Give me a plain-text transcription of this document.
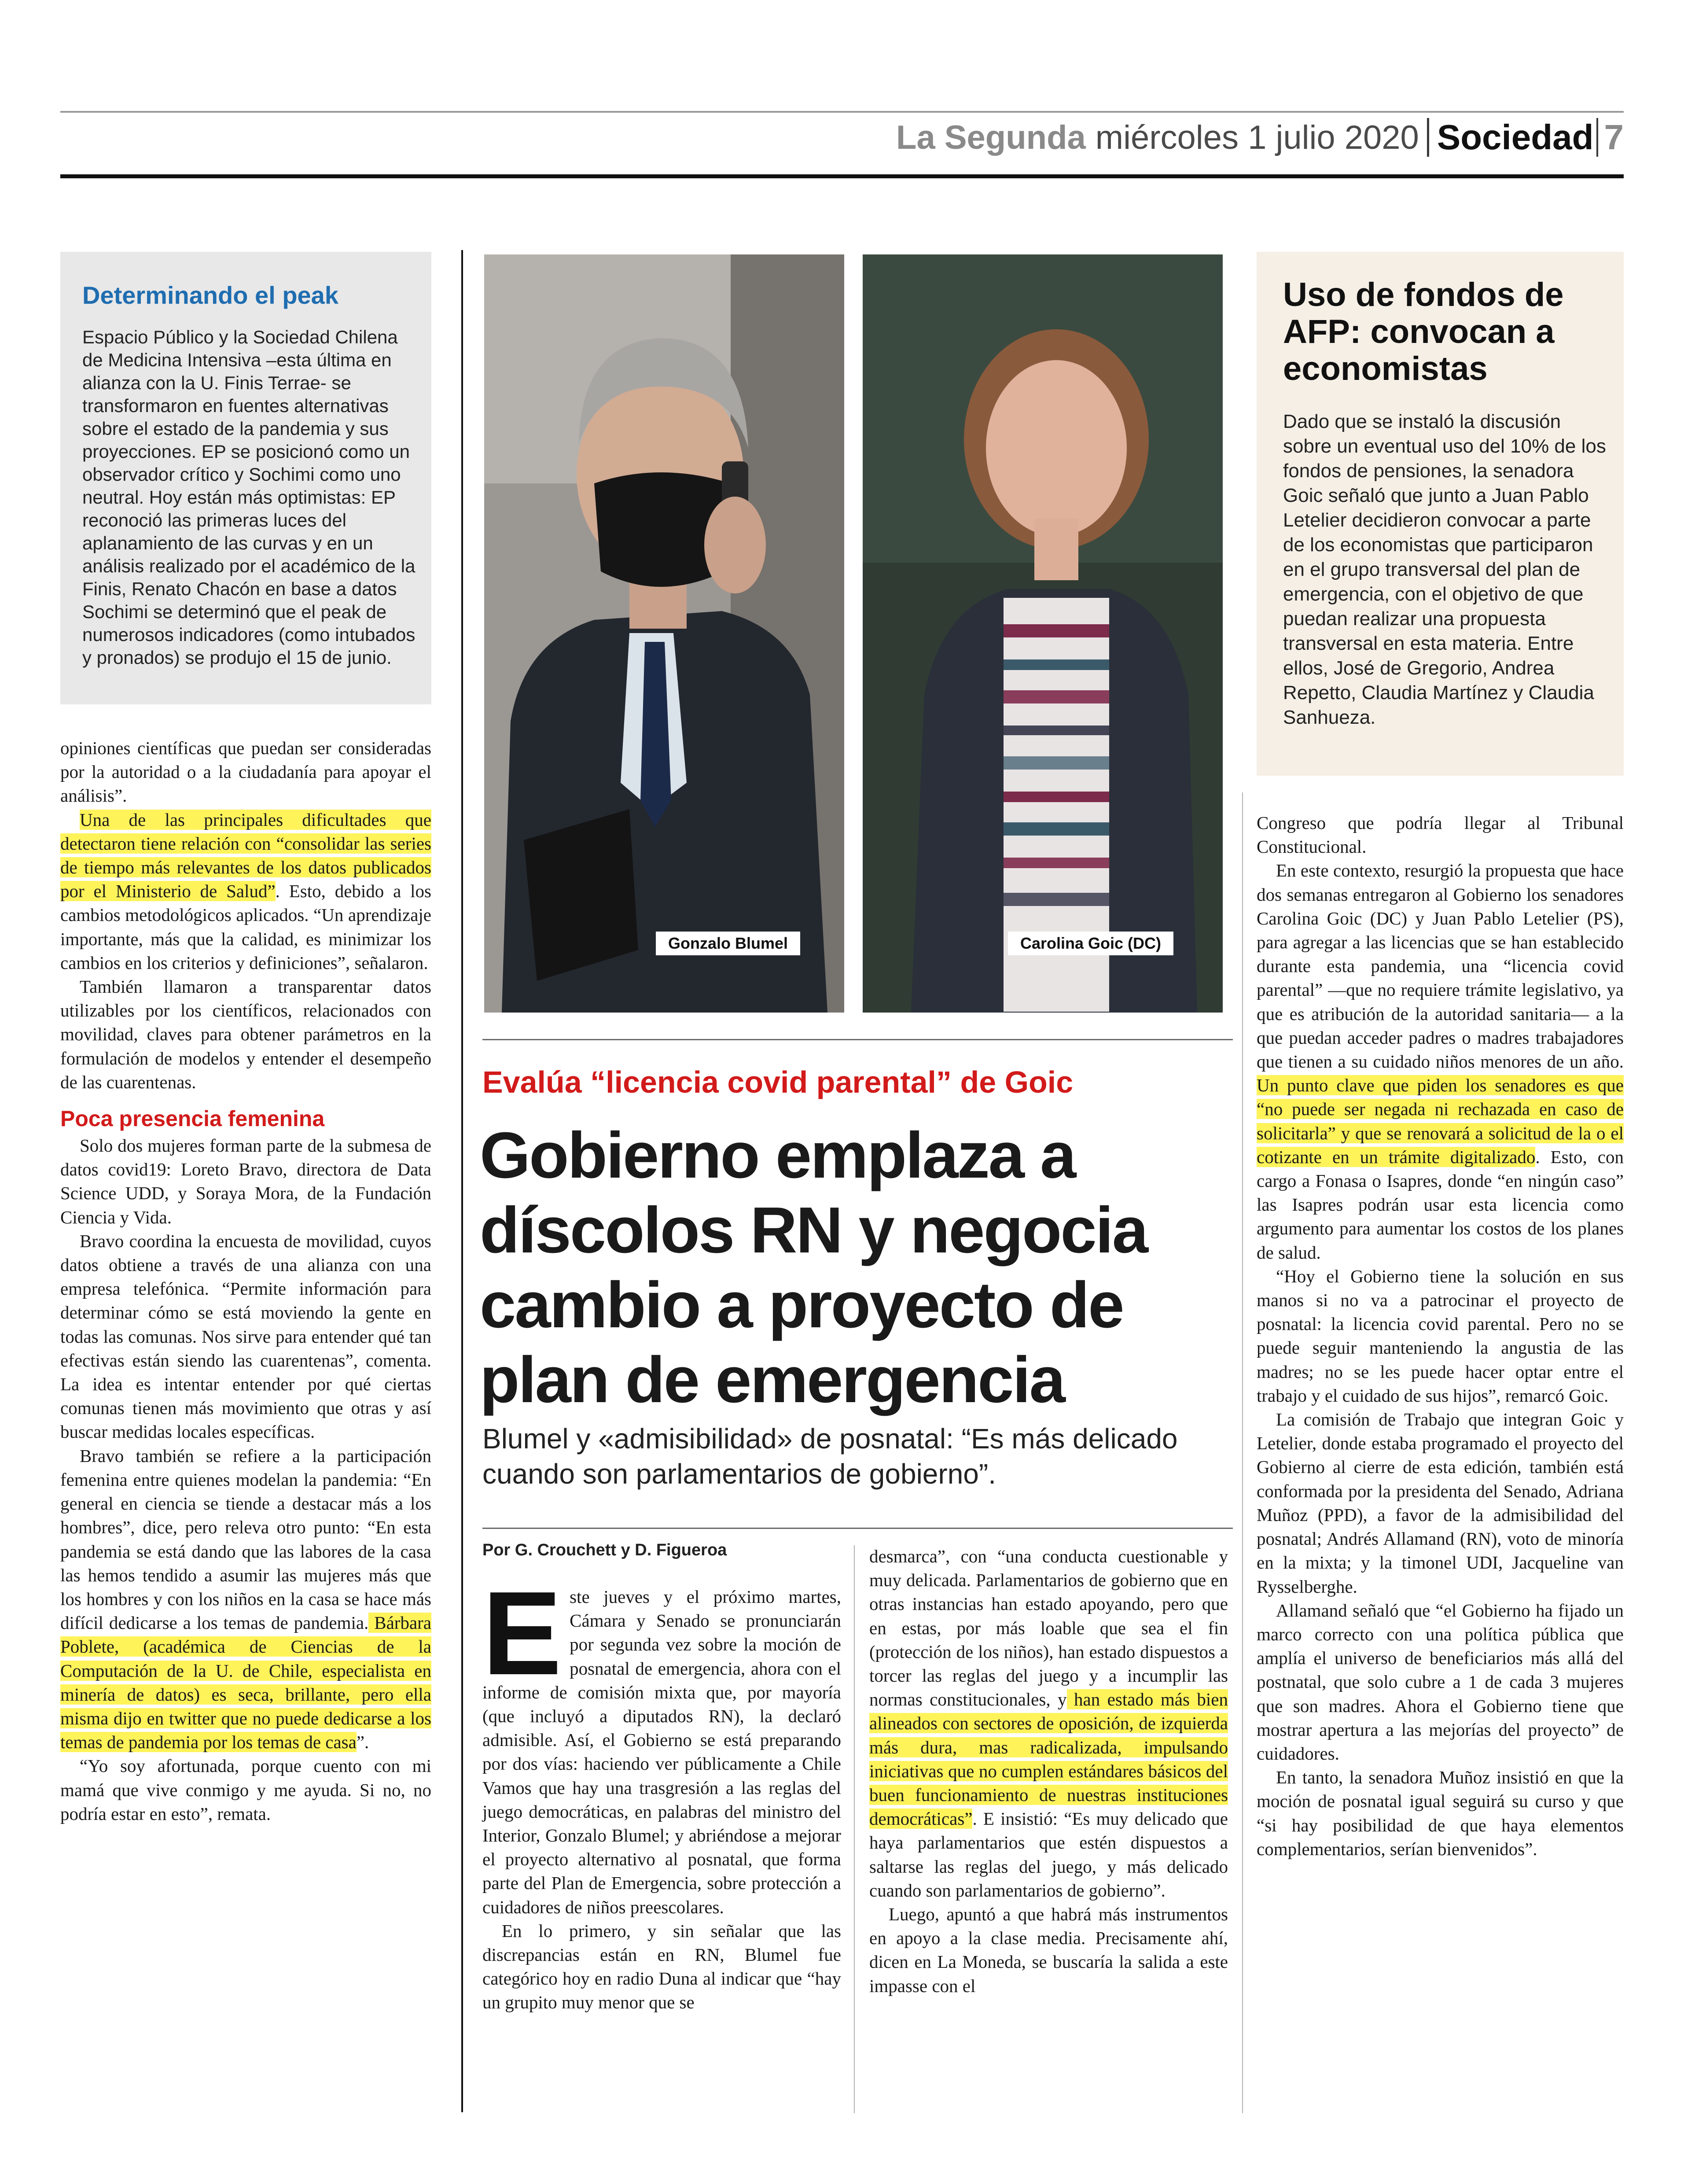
La Segunda miércoles 1 julio 2020 Sociedad 7
Determinando el peak
Espacio Público y la Sociedad Chilena de Medicina Intensiva –esta última en alianza con la U. Finis Terrae- se transformaron en fuentes alternativas sobre el estado de la pandemia y sus proyecciones. EP se posicionó como un observador crítico y Sochimi como uno neutral. Hoy están más optimistas: EP reconoció las primeras luces del aplanamiento de las curvas y en un análisis realizado por el académico de la Finis, Renato Chacón en base a datos Sochimi se determinó que el peak de numerosos indicadores (como intubados y pronados) se produjo el 15 de junio.
Uso de fondos de AFP: convocan a economistas
Dado que se instaló la discusión sobre un eventual uso del 10% de los fondos de pensiones, la senadora Goic señaló que junto a Juan Pablo Letelier decidieron convocar a parte de los economistas que participaron en el grupo transversal del plan de emergencia, con el objetivo de que puedan realizar una propuesta transversal en esta materia. Entre ellos, José de Gregorio, Andrea Repetto, Claudia Martínez y Claudia Sanhueza.
Gonzalo Blumel	Carolina Goic (DC)
Evalúa “licencia covid parental” de Goic
Gobierno emplaza a díscolos RN y negocia cambio a proyecto de plan de emergencia
Blumel y «admisibilidad» de posnatal: “Es más delicado cuando son parlamentarios de gobierno”.
Por G. Crouchett y D. Figueroa

opiniones científicas que puedan ser consideradas por la autoridad o a la ciudadanía para apoyar el análisis”.

Una de las principales dificultades que detectaron tiene relación con “consolidar las series de tiempo más relevantes de los datos publicados por el Ministerio de Salud”. Esto, debido a los cambios metodológicos aplicados. “Un aprendizaje importante, más que la calidad, es minimizar los cambios en los criterios y definiciones”, señalaron.

También llamaron a transparentar datos utilizables por los científicos, relacionados con movilidad, claves para obtener parámetros en la formulación de modelos y entender el desempeño de las cuarentenas.

Poca presencia femenina

Solo dos mujeres forman parte de la submesa de datos covid19: Loreto Bravo, directora de Data Science UDD, y Soraya Mora, de la Fundación Ciencia y Vida.

Bravo coordina la encuesta de movilidad, cuyos datos obtiene a través de una alianza con una empresa telefónica. “Permite información para determinar cómo se está moviendo la gente en todas las comunas. Nos sirve para entender qué tan efectivas están siendo las cuarentenas”, comenta. La idea es intentar entender por qué ciertas comunas tienen más movimiento que otras y así buscar medidas locales específicas.

Bravo también se refiere a la participación femenina entre quienes modelan la pandemia: “En general en ciencia se tiende a destacar más a los hombres”, dice, pero releva otro punto: “En esta pandemia se está dando que las labores de la casa las hemos tendido a asumir las mujeres más que los hombres y con los niños en la casa se hace más difícil dedicarse a los temas de pandemia. Bárbara Poblete, (académica de Ciencias de la Computación de la U. de Chile, especialista en minería de datos) es seca, brillante, pero ella misma dijo en twitter que no puede dedicarse a los temas de pandemia por los temas de casa”.

“Yo soy afortunada, porque cuento con mi mamá que vive conmigo y me ayuda. Si no, no podría estar en esto”, remata.

Este jueves y el próximo martes, Cámara y Senado se pronunciarán por segunda vez sobre la moción de posnatal de emergencia, ahora con el informe de comisión mixta que, por mayoría (que incluyó a diputados RN), la declaró admisible. Así, el Gobierno se está preparando por dos vías: haciendo ver públicamente a Chile Vamos que hay una trasgresión a las reglas del juego democráticas, en palabras del ministro del Interior, Gonzalo Blumel; y abriéndose a mejorar el proyecto alternativo al posnatal, que forma parte del Plan de Emergencia, sobre protección a cuidadores de niños preescolares.

En lo primero, y sin señalar que las discrepancias están en RN, Blumel fue categórico hoy en radio Duna al indicar que “hay un grupito muy menor que se

desmarca”, con “una conducta cuestionable y muy delicada. Parlamentarios de gobierno que en otras instancias han estado apoyando, pero que en estas, por más loable que sea el fin (protección de los niños), han estado dispuestos a torcer las reglas del juego y a incumplir las normas constitucionales, y han estado más bien alineados con sectores de oposición, de izquierda más dura, mas radicalizada, impulsando iniciativas que no cumplen estándares básicos del buen funcionamiento de nuestras instituciones democráticas”. E insistió: “Es muy delicado que haya parlamentarios que estén dispuestos a saltarse las reglas del juego, y más delicado cuando son parlamentarios de gobierno”.

Luego, apuntó a que habrá más instrumentos en apoyo a la clase media. Precisamente ahí, dicen en La Moneda, se buscaría la salida a este impasse con el

Congreso que podría llegar al Tribunal Constitucional.

En este contexto, resurgió la propuesta que hace dos semanas entregaron al Gobierno los senadores Carolina Goic (DC) y Juan Pablo Letelier (PS), para agregar a las licencias que se han establecido durante esta pandemia, una “licencia covid parental” —que no requiere trámite legislativo, ya que es atribución de la autoridad sanitaria— a la que puedan acceder padres o madres trabajadores que tienen a su cuidado niños menores de un año. Un punto clave que piden los senadores es que “no puede ser negada ni rechazada en caso de solicitarla” y que se renovará a solicitud de la o el cotizante en un trámite digitalizado. Esto, con cargo a Fonasa o Isapres, donde “en ningún caso” las Isapres podrán usar esta licencia como argumento para aumentar los costos de los planes de salud.

“Hoy el Gobierno tiene la solución en sus manos si no va a patrocinar el proyecto de posnatal: la licencia covid parental. Pero no se puede seguir manteniendo la angustia de las madres; no se les puede hacer optar entre el trabajo y el cuidado de sus hijos”, remarcó Goic.

La comisión de Trabajo que integran Goic y Letelier, donde estaba programado el proyecto del Gobierno al cierre de esta edición, también está conformada por la presidenta del Senado, Adriana Muñoz (PPD), a favor de la admisibilidad del posnatal; Andrés Allamand (RN), voto de minoría en la mixta; y la timonel UDI, Jacqueline van Rysselberghe.

Allamand señaló que “el Gobierno ha fijado un marco correcto con una política pública que amplía el universo de beneficiarios más allá del postnatal, que solo cubre a 1 de cada 3 mujeres que son madres. Ahora el Gobierno tiene que mostrar apertura a las mejorías del proyecto” de cuidadores.

En tanto, la senadora Muñoz insistió en que la moción de posnatal igual seguirá su curso y que “si hay posibilidad de que haya elementos complementarios, serían bienvenidos”.
